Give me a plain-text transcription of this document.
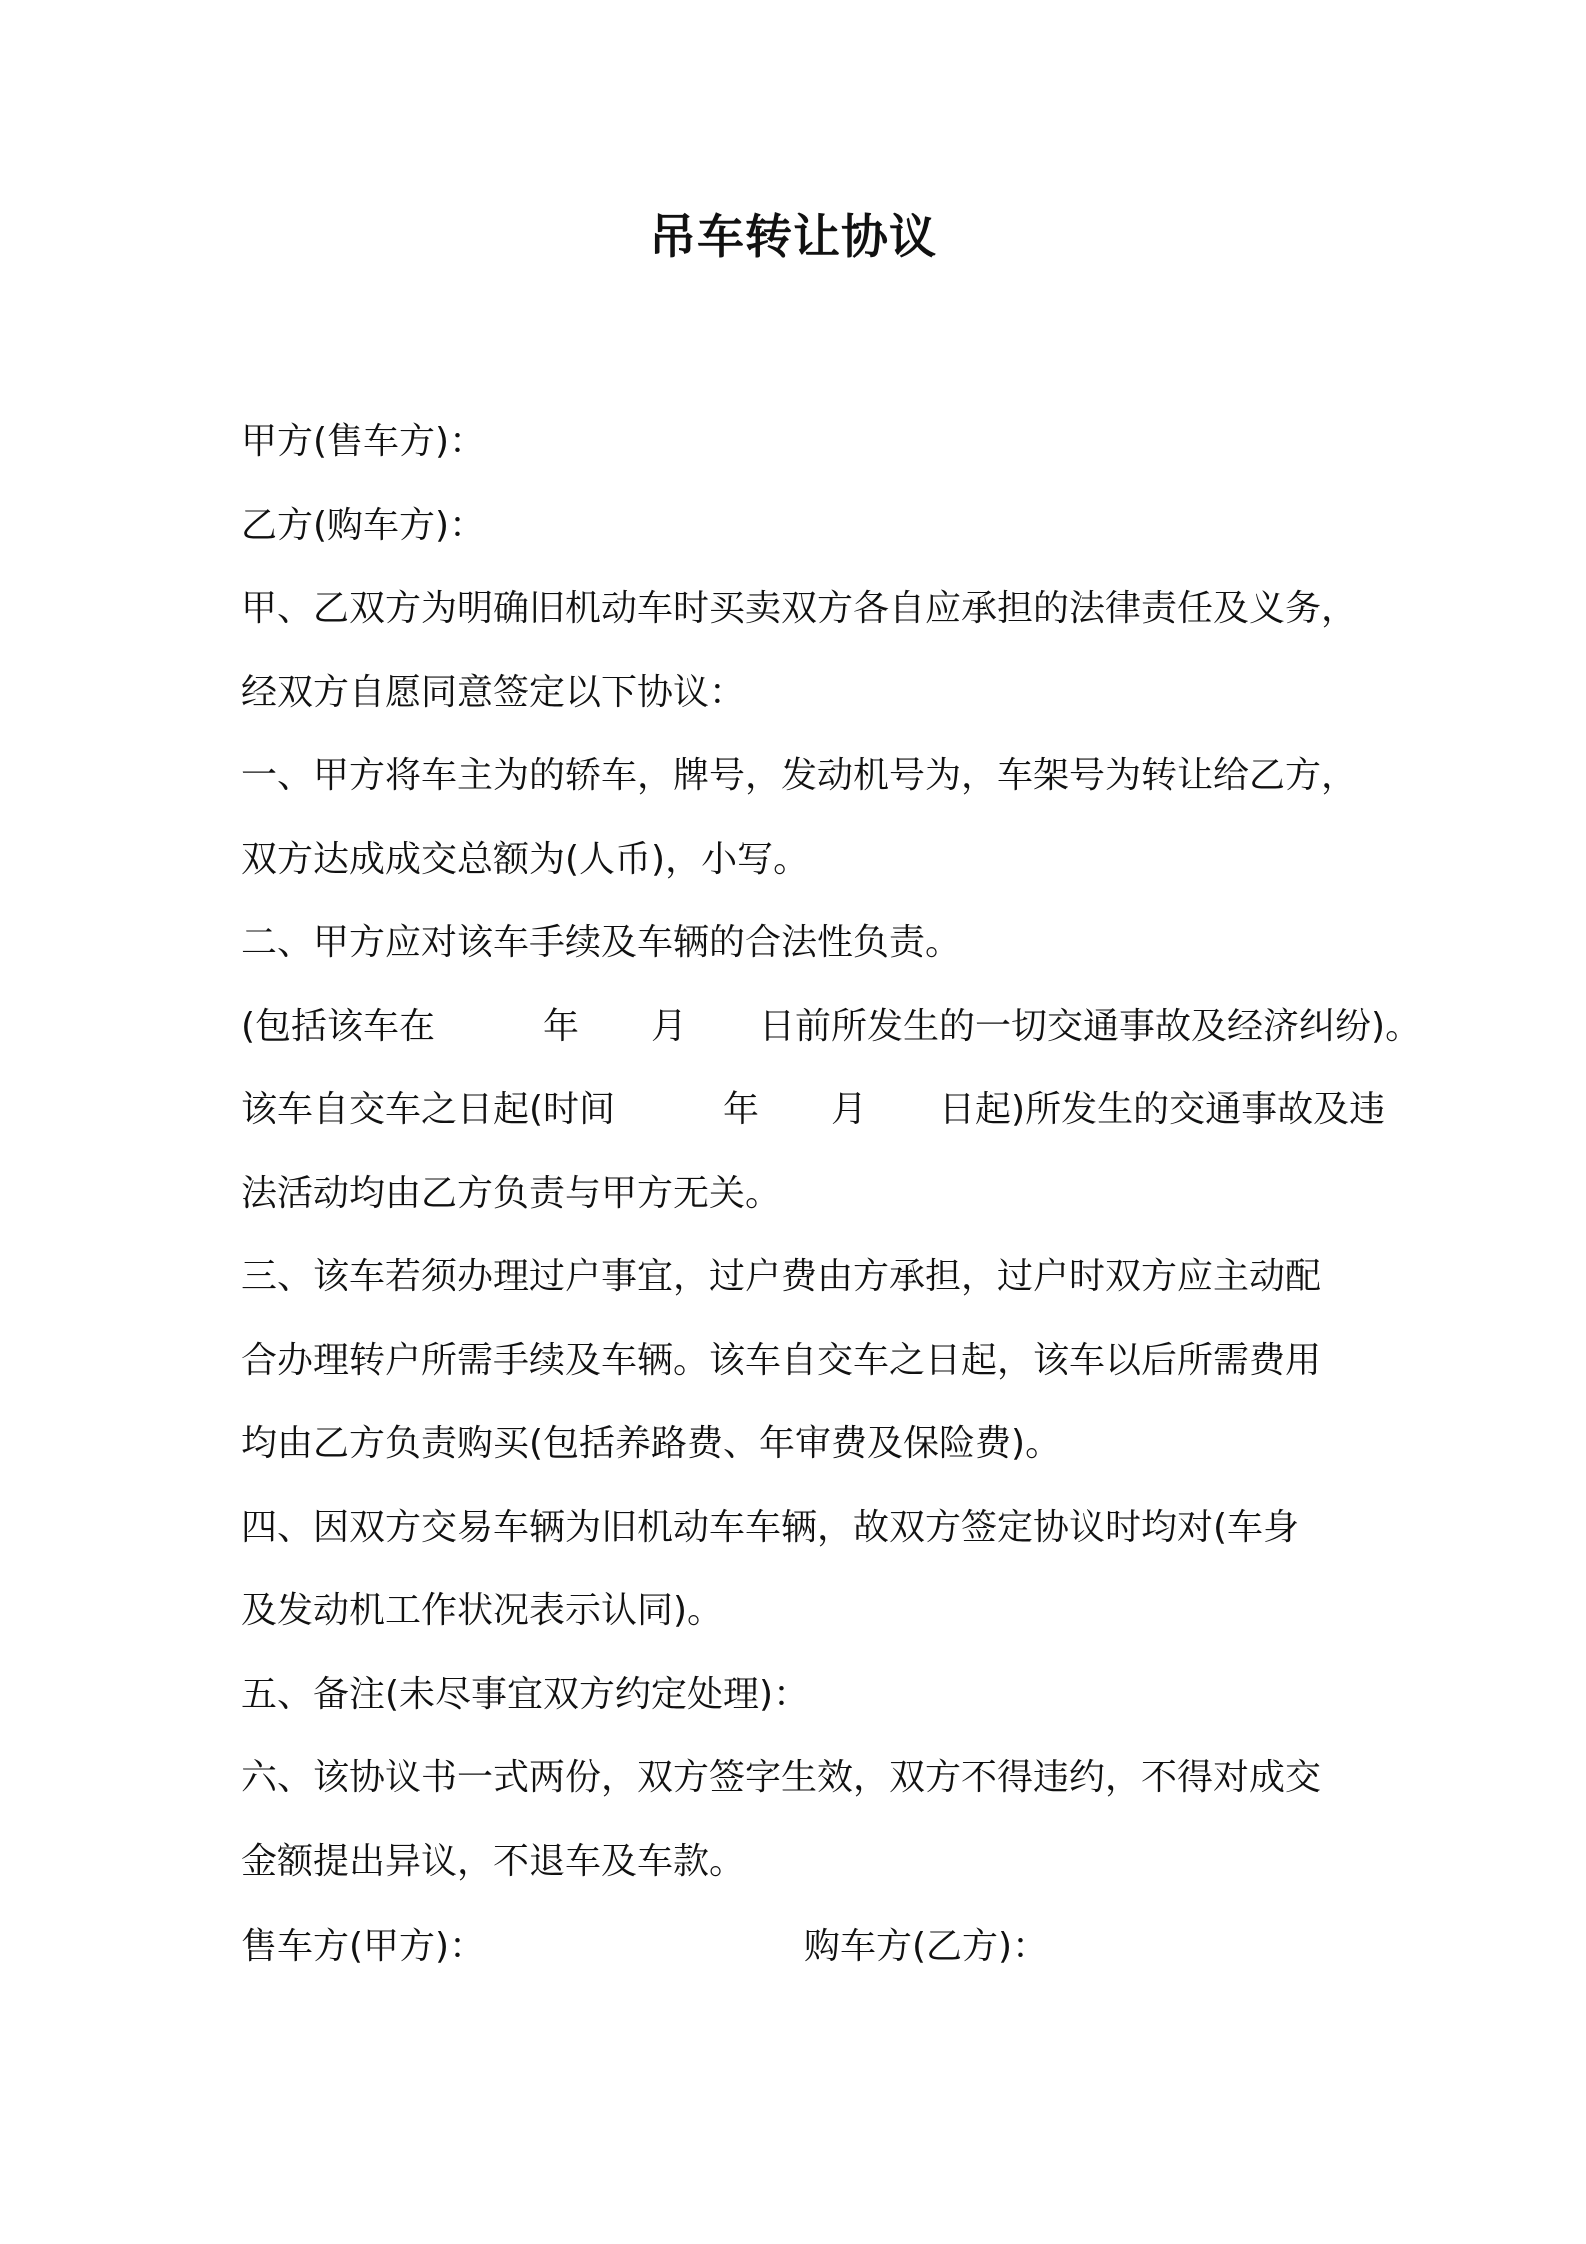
吊车转让协议
甲方(售车方)：
乙方(购车方)：
甲、乙双方为明确旧机动车时买卖双方各自应承担的法律责任及义务，
经双方自愿同意签定以下协议：
一、甲方将车主为的轿车，牌号，发动机号为，车架号为转让给乙方，
双方达成成交总额为(人币)，小写。
二、甲方应对该车手续及车辆的合法性负责。
(包括该车在　　　年　　月　　日前所发生的一切交通事故及经济纠纷)。
该车自交车之日起(时间　　　年　　月　　日起)所发生的交通事故及违
法活动均由乙方负责与甲方无关。
三、该车若须办理过户事宜，过户费由方承担，过户时双方应主动配
合办理转户所需手续及车辆。该车自交车之日起，该车以后所需费用
均由乙方负责购买(包括养路费、年审费及保险费)。
四、因双方交易车辆为旧机动车车辆，故双方签定协议时均对(车身
及发动机工作状况表示认同)。
五、备注(未尽事宜双方约定处理)：
六、该协议书一式两份，双方签字生效，双方不得违约，不得对成交
金额提出异议，不退车及车款。
售车方(甲方)：	购车方(乙方)：
